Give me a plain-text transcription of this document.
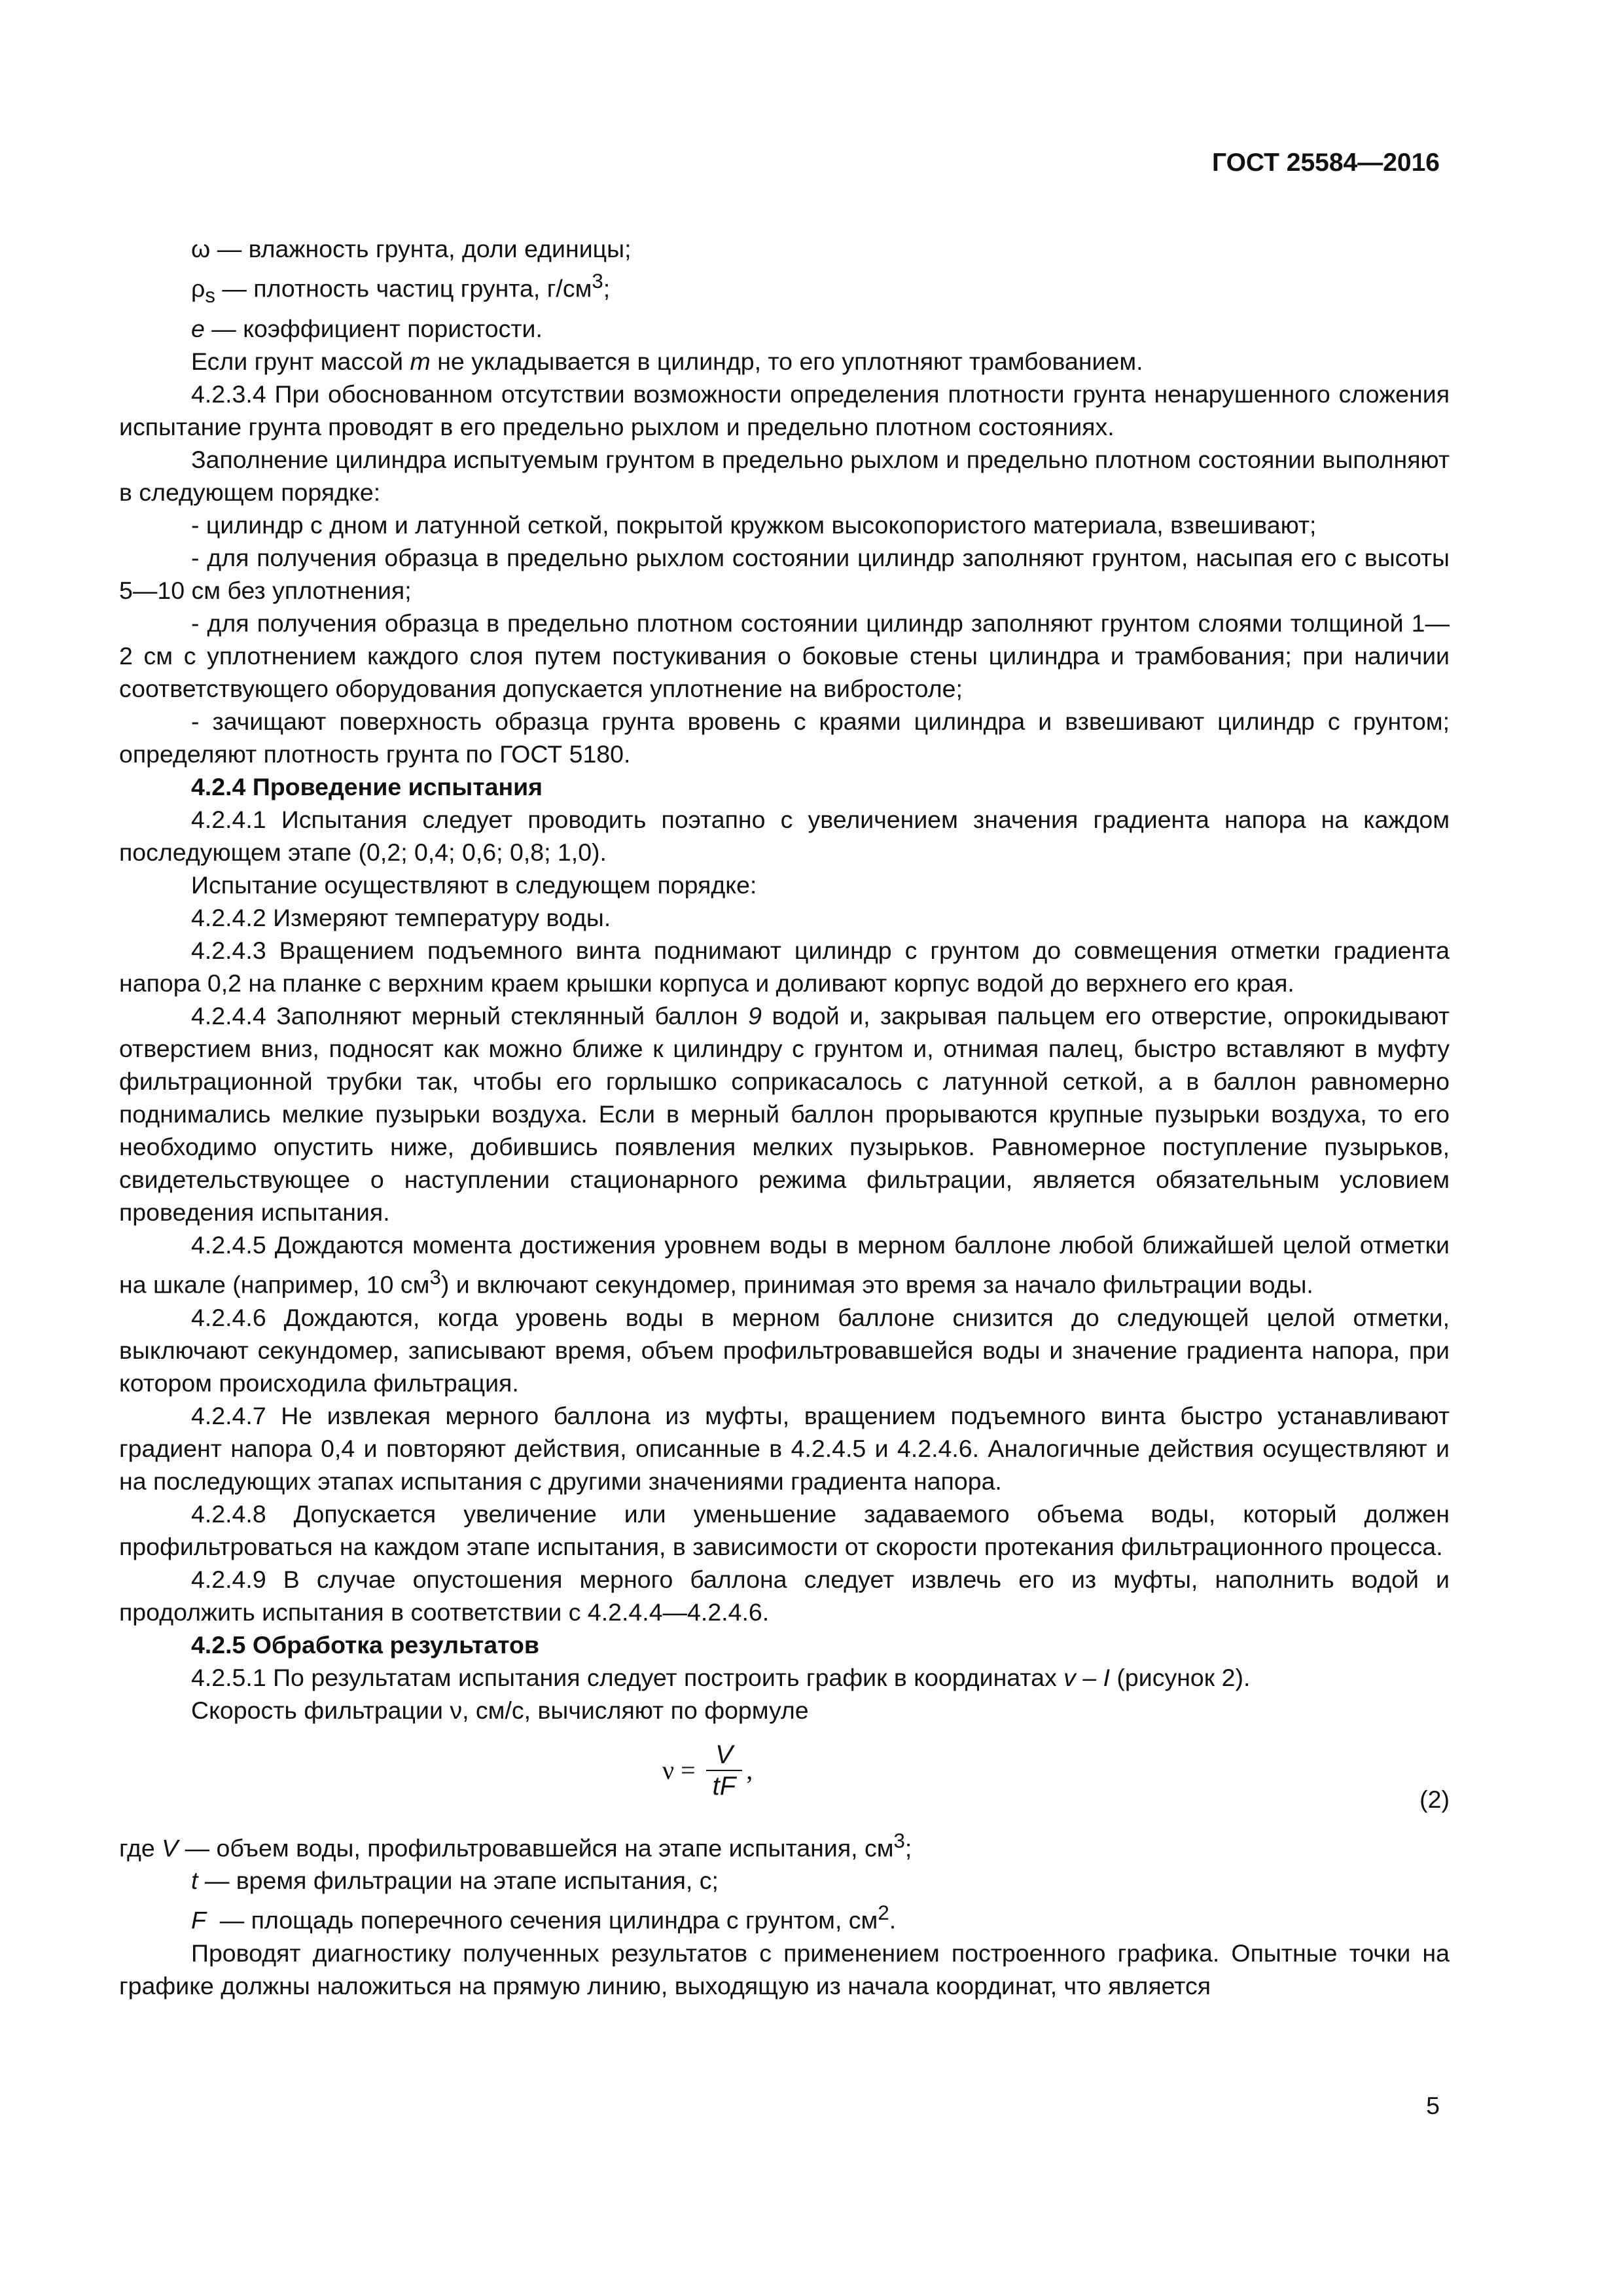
ГОСТ 25584—2016
ω — влажность грунта, доли единицы;
$\rho_s$ — плотность частиц грунта, $г/см^3$;
e — коэффициент пористости.

Если грунт массой m не укладывается в цилиндр, то его уплотняют трамбованием.

4.2.3.4 При обоснованном отсутствии возможности определения плотности грунта ненарушенного сложения испытание грунта проводят в его предельно рыхлом и предельно плотном состояниях.

Заполнение цилиндра испытуемым грунтом в предельно рыхлом и предельно плотном состоянии выполняют в следующем порядке:

- цилиндр с дном и латунной сеткой, покрытой кружком высокопористого материала, взвешивают;

- для получения образца в предельно рыхлом состоянии цилиндр заполняют грунтом, насыпая его с высоты 5—10 см без уплотнения;

- для получения образца в предельно плотном состоянии цилиндр заполняют грунтом слоями толщиной 1—2 см с уплотнением каждого слоя путем постукивания о боковые стены цилиндра и трамбования; при наличии соответствующего оборудования допускается уплотнение на вибростоле;

- зачищают поверхность образца грунта вровень с краями цилиндра и взвешивают цилиндр с грунтом; определяют плотность грунта по ГОСТ 5180.

4.2.4 Проведение испытания

4.2.4.1 Испытания следует проводить поэтапно с увеличением значения градиента напора на каждом последующем этапе (0,2; 0,4; 0,6; 0,8; 1,0).

Испытание осуществляют в следующем порядке:

4.2.4.2 Измеряют температуру воды.

4.2.4.3 Вращением подъемного винта поднимают цилиндр с грунтом до совмещения отметки градиента напора 0,2 на планке с верхним краем крышки корпуса и доливают корпус водой до верхнего его края.

4.2.4.4 Заполняют мерный стеклянный баллон 9 водой и, закрывая пальцем его отверстие, опрокидывают отверстием вниз, подносят как можно ближе к цилиндру с грунтом и, отнимая палец, быстро вставляют в муфту фильтрационной трубки так, чтобы его горлышко соприкасалось с латунной сеткой, а в баллон равномерно поднимались мелкие пузырьки воздуха. Если в мерный баллон прорываются крупные пузырьки воздуха, то его необходимо опустить ниже, добившись появления мелких пузырьков. Равномерное поступление пузырьков, свидетельствующее о наступлении стационарного режима фильтрации, является обязательным условием проведения испытания.

4.2.4.5 Дождаются момента достижения уровнем воды в мерном баллоне любой ближайшей целой отметки на шкале (например, 10 $см^3$) и включают секундомер, принимая это время за начало фильтрации воды.

4.2.4.6 Дождаются, когда уровень воды в мерном баллоне снизится до следующей целой отметки, выключают секундомер, записывают время, объем профильтровавшейся воды и значение градиента напора, при котором происходила фильтрация.

4.2.4.7 Не извлекая мерного баллона из муфты, вращением подъемного винта быстро устанавливают градиент напора 0,4 и повторяют действия, описанные в 4.2.4.5 и 4.2.4.6. Аналогичные действия осуществляют и на последующих этапах испытания с другими значениями градиента напора.

4.2.4.8 Допускается увеличение или уменьшение задаваемого объема воды, который должен профильтроваться на каждом этапе испытания, в зависимости от скорости протекания фильтрационного процесса.

4.2.4.9 В случае опустошения мерного баллона следует извлечь его из муфты, наполнить водой и продолжить испытания в соответствии с 4.2.4.4—4.2.4.6.

4.2.5 Обработка результатов

4.2.5.1 По результатам испытания следует построить график в координатах v – I (рисунок 2).

Скорость фильтрации ν, см/с, вычисляют по формуле

$\nu = \frac{V}{tF}$ ,
(2)
где V — объем воды, профильтровавшейся на этапе испытания, $см^3$;
t — время фильтрации на этапе испытания, с;
F  — площадь поперечного сечения цилиндра с грунтом, $см^2$.

Проводят диагностику полученных результатов с применением построенного графика. Опытные точки на графике должны наложиться на прямую линию, выходящую из начала координат, что является

5
